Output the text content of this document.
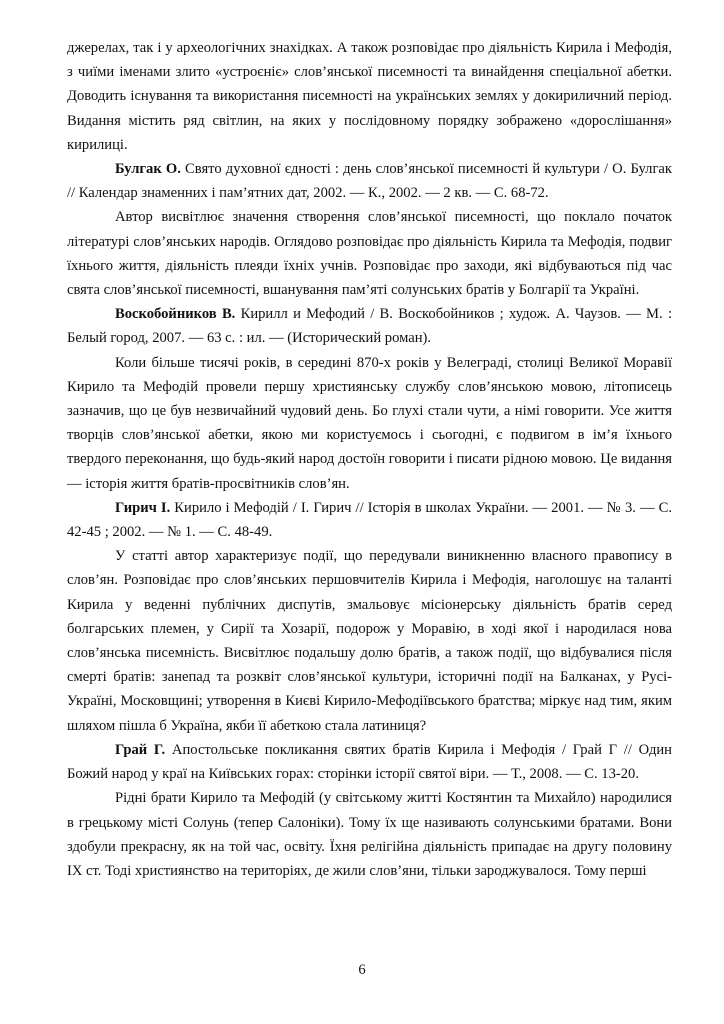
джерелах, так і у археологічних знахідках. А також розповідає про діяльність Кирила і Мефодія, з чиїми іменами злито «устроєніє» слов’янської писемності та винайдення спеціальної абетки. Доводить існування та використання писемності на українських землях у докириличний період. Видання містить ряд світлин, на яких у послідовному порядку зображено «дорослішання» кирилиці.

Булгак О. Свято духовної єдності : день слов’янської писемності й культури / О. Булгак // Календар знаменних і пам’ятних дат, 2002. — К., 2002. — 2 кв. — С. 68-72.

Автор висвітлює значення створення слов’янської писемності, що поклало початок літературі слов’янських народів. Оглядово розповідає про діяльність Кирила та Мефодія, подвиг їхнього життя, діяльність плеяди їхніх учнів. Розповідає про заходи, які відбуваються під час свята слов’янської писемності, вшанування пам’яті солунських братів у Болгарії та Україні.

Воскобойников В. Кирилл и Мефодий / В. Воскобойников ; худож. А. Чаузов. — М. : Белый город, 2007. — 63 с. : ил. — (Исторический роман).

Коли більше тисячі років, в середині 870-х років у Велеграді, столиці Великої Моравії Кирило та Мефодій провели першу християнську службу слов’янською мовою, літописець зазначив, що це був незвичайний чудовий день. Бо глухі стали чути, а німі говорити. Усе життя творців слов’янської абетки, якою ми користуємось і сьогодні, є подвигом в ім’я їхнього твердого переконання, що будь-який народ достоїн говорити і писати рідною мовою. Це видання — історія життя братів-просвітників слов’ян.

Гирич І. Кирило і Мефодій / І. Гирич // Історія в школах України. — 2001. — № 3. — С. 42-45 ; 2002. — № 1. — С. 48-49.

У статті автор характеризує події, що передували виникненню власного правопису в слов’ян. Розповідає про слов’янських першовчителів Кирила і Мефодія, наголошує на таланті Кирила у веденні публічних диспутів, змальовує місіонерську діяльність братів серед болгарських племен, у Сирії та Хозарії, подорож у Моравію, в ході якої і народилася нова слов’янська писемність. Висвітлює подальшу долю братів, а також події, що відбувалися після смерті братів: занепад та розквіт слов’янської культури, історичні події на Балканах, у Русі-Україні, Московщині; утворення в Києві Кирило-Мефодіївського братства; міркує над тим, яким шляхом пішла б Україна, якби її абеткою стала латиниця?

Грай Г. Апостольське покликання святих братів Кирила і Мефодія / Грай Г // Один Божий народ у краї на Київських горах: сторінки історії святої віри. — Т., 2008. — С. 13-20.

Рідні брати Кирило та Мефодій (у світському житті Костянтин та Михайло) народилися в грецькому місті Солунь (тепер Салоніки). Тому їх ще називають солунськими братами. Вони здобули прекрасну, як на той час, освіту. Їхня релігійна діяльність припадає на другу половину IX ст. Тоді християнство на територіях, де жили слов’яни, тільки зароджувалося. Тому перші

6
